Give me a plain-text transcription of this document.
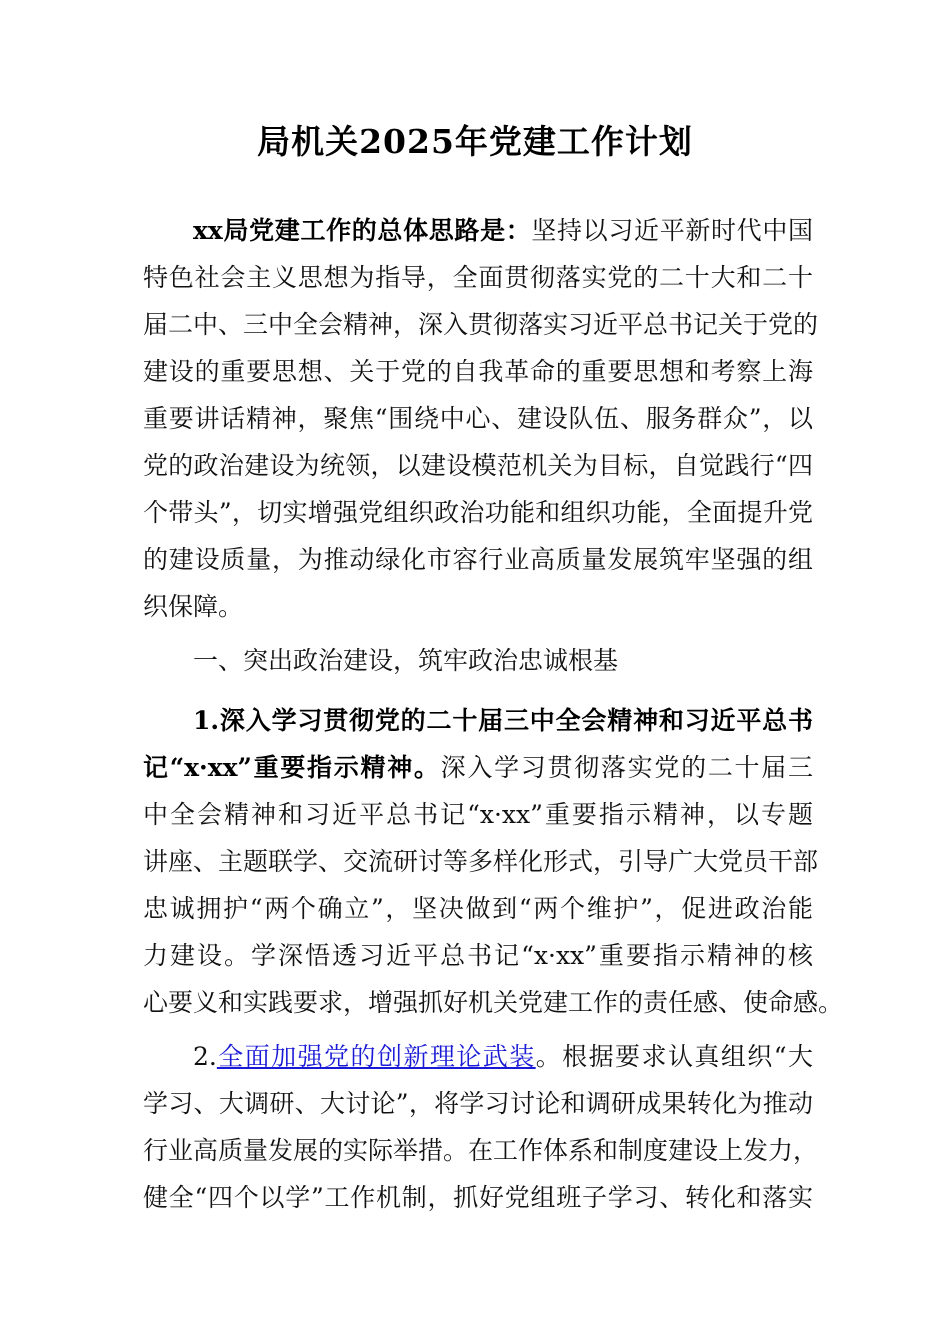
局机关2025年党建工作计划
xx局党建工作的总体思路是：坚持以习近平新时代中国
特色社会主义思想为指导，全面贯彻落实党的二十大和二十
届二中、三中全会精神，深入贯彻落实习近平总书记关于党的
建设的重要思想、关于党的自我革命的重要思想和考察上海
重要讲话精神，聚焦“围绕中心、建设队伍、服务群众”，以
党的政治建设为统领，以建设模范机关为目标，自觉践行“四
个带头”，切实增强党组织政治功能和组织功能，全面提升党
的建设质量，为推动绿化市容行业高质量发展筑牢坚强的组
织保障。
一、突出政治建设，筑牢政治忠诚根基
1.深入学习贯彻党的二十届三中全会精神和习近平总书
记“x·xx”重要指示精神。深入学习贯彻落实党的二十届三
中全会精神和习近平总书记“x·xx”重要指示精神，以专题
讲座、主题联学、交流研讨等多样化形式，引导广大党员干部
忠诚拥护“两个确立”，坚决做到“两个维护”，促进政治能
力建设。学深悟透习近平总书记“x·xx”重要指示精神的核
心要义和实践要求，增强抓好机关党建工作的责任感、使命感。
2.全面加强党的创新理论武装。根据要求认真组织“大
学习、大调研、大讨论”，将学习讨论和调研成果转化为推动
行业高质量发展的实际举措。在工作体系和制度建设上发力，
健全“四个以学”工作机制，抓好党组班子学习、转化和落实
